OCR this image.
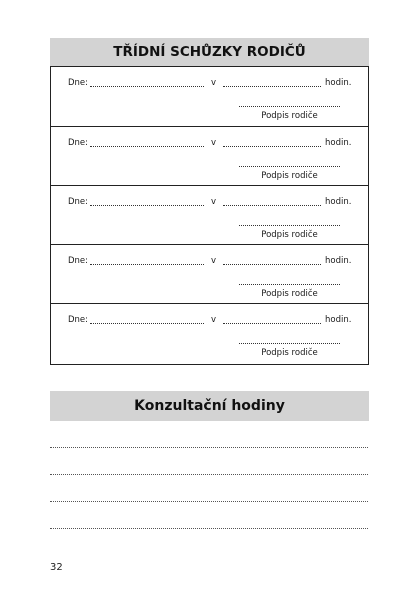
TŘÍDNÍ SCHŮZKY RODIČŮ
Dne:	v	hodin.
Podpis rodiče
Dne:	v	hodin.
Podpis rodiče
Dne:	v	hodin.
Podpis rodiče
Dne:	v	hodin.
Podpis rodiče
Dne:	v	hodin.
Podpis rodiče
Konzultační hodiny
32
